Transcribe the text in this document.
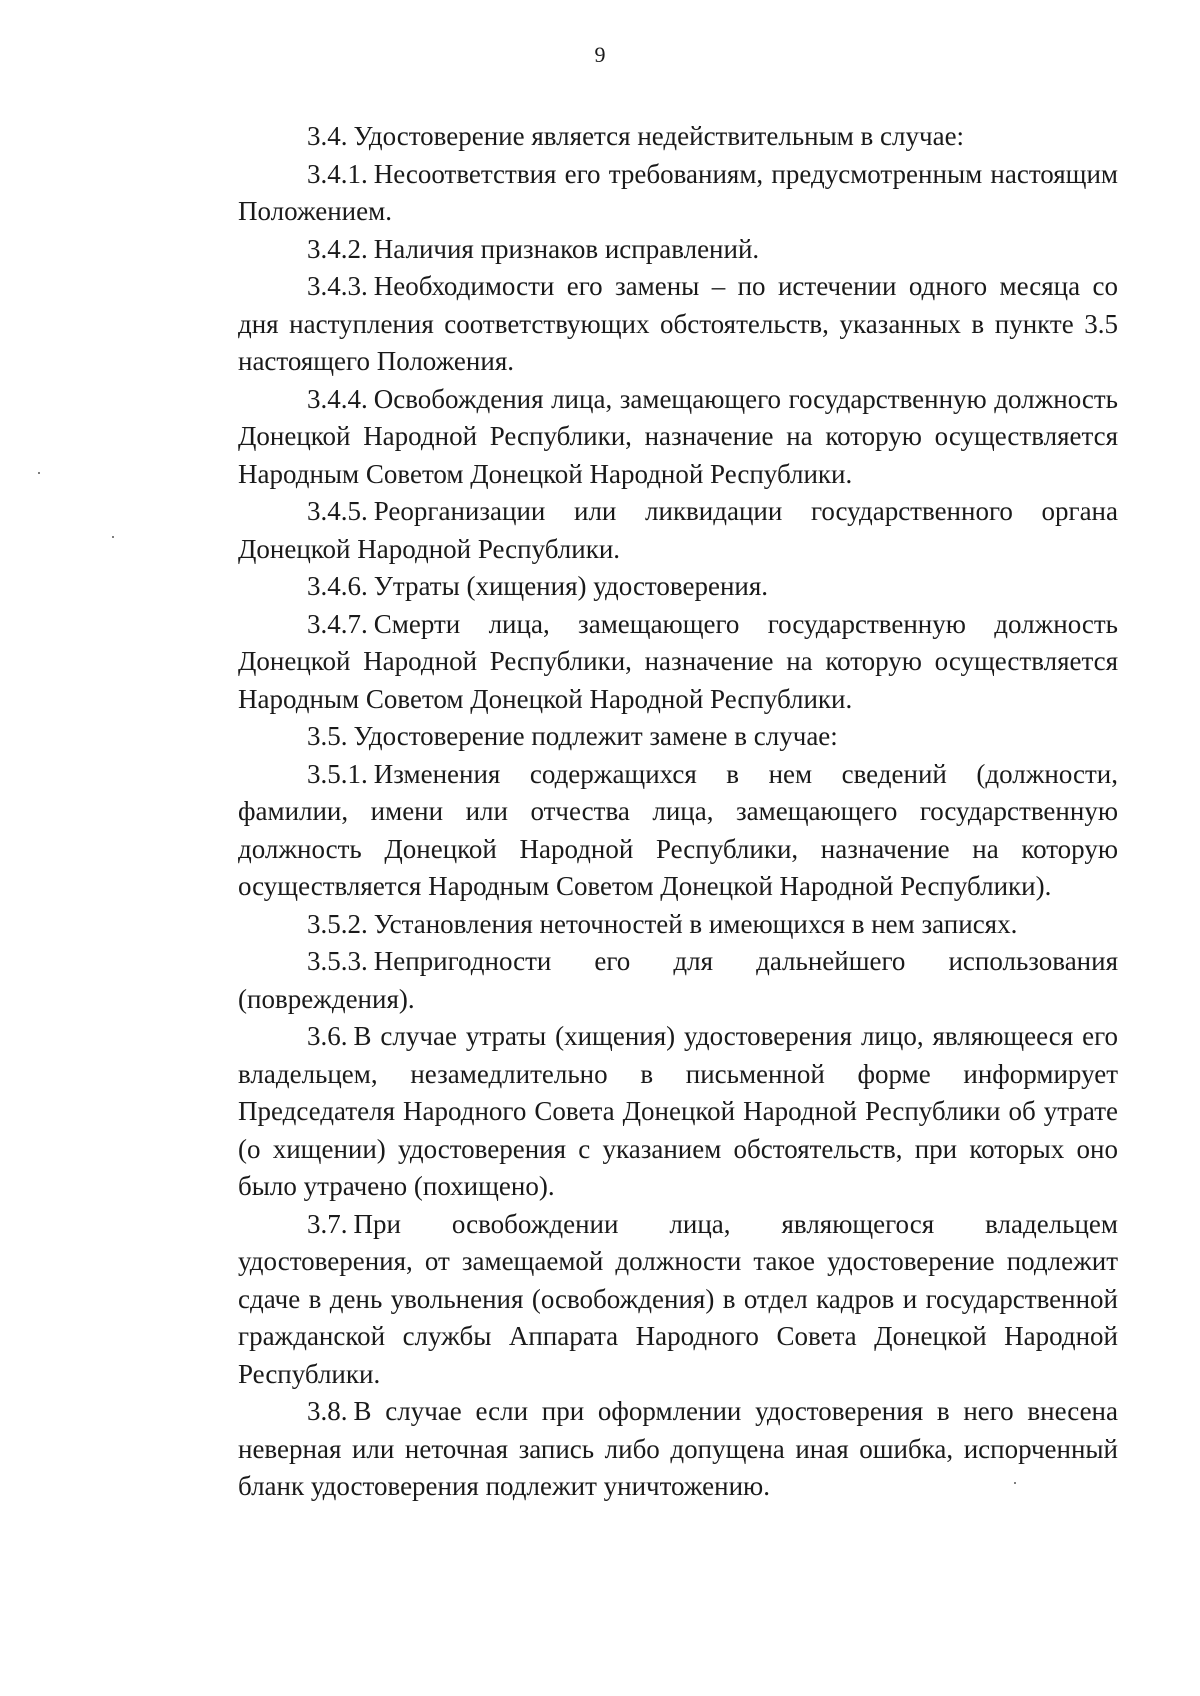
9

3.4. Удостоверение является недействительным в случае:

3.4.1. Несоответствия его требованиям, предусмотренным настоящим Положением.

3.4.2. Наличия признаков исправлений.

3.4.3. Необходимости его замены – по истечении одного месяца со дня наступления соответствующих обстоятельств, указанных в пункте 3.5 настоящего Положения.

3.4.4. Освобождения лица, замещающего государственную должность Донецкой Народной Республики, назначение на которую осуществляется Народным Советом Донецкой Народной Республики.

3.4.5. Реорганизации или ликвидации государственного органа Донецкой Народной Республики.

3.4.6. Утраты (хищения) удостоверения.

3.4.7. Смерти лица, замещающего государственную должность Донецкой Народной Республики, назначение на которую осуществляется Народным Советом Донецкой Народной Республики.

3.5. Удостоверение подлежит замене в случае:

3.5.1. Изменения содержащихся в нем сведений (должности, фамилии, имени или отчества лица, замещающего государственную должность Донецкой Народной Республики, назначение на которую осуществляется Народным Советом Донецкой Народной Республики).

3.5.2. Установления неточностей в имеющихся в нем записях.

3.5.3. Непригодности его для дальнейшего использования (повреждения).

3.6. В случае утраты (хищения) удостоверения лицо, являющееся его владельцем, незамедлительно в письменной форме информирует Председателя Народного Совета Донецкой Народной Республики об утрате (о хищении) удостоверения с указанием обстоятельств, при которых оно было утрачено (похищено).

3.7. При освобождении лица, являющегося владельцем удостоверения, от замещаемой должности такое удостоверение подлежит сдаче в день увольнения (освобождения) в отдел кадров и государственной гражданской службы Аппарата Народного Совета Донецкой Народной Республики.

3.8. В случае если при оформлении удостоверения в него внесена неверная или неточная запись либо допущена иная ошибка, испорченный бланк удостоверения подлежит уничтожению.
